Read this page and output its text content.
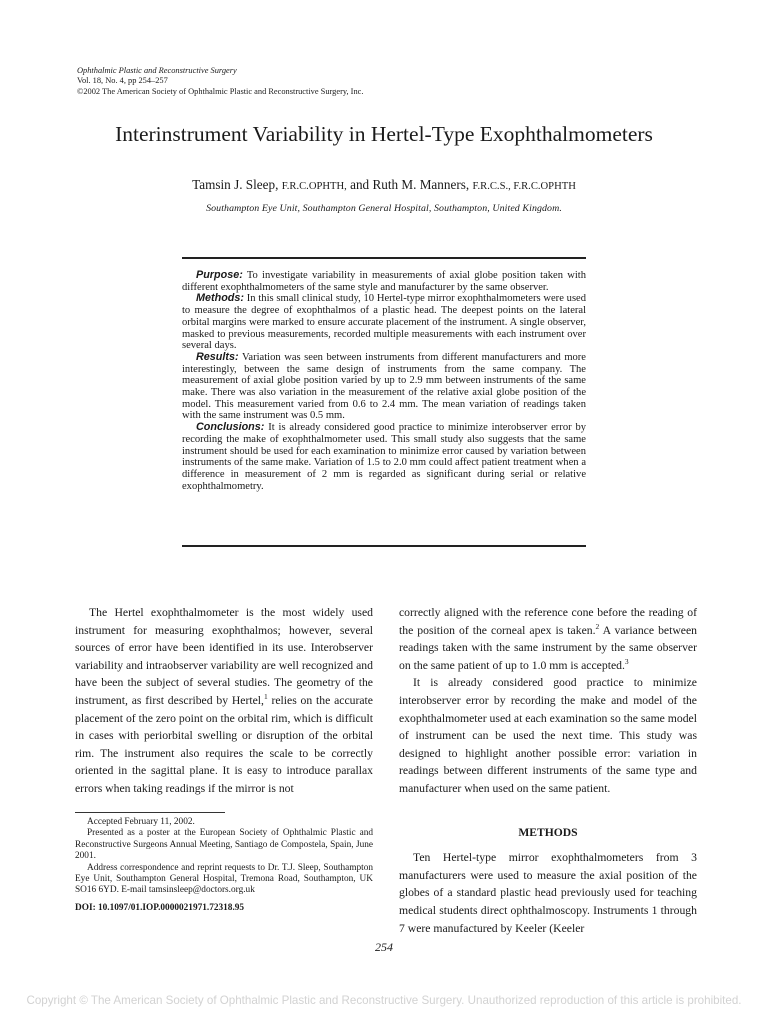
Ophthalmic Plastic and Reconstructive Surgery
Vol. 18, No. 4, pp 254–257
©2002 The American Society of Ophthalmic Plastic and Reconstructive Surgery, Inc.
Interinstrument Variability in Hertel-Type Exophthalmometers
Tamsin J. Sleep, F.R.C.OPHTH, and Ruth M. Manners, F.R.C.S., F.R.C.OPHTH
Southampton Eye Unit, Southampton General Hospital, Southampton, United Kingdom.

Purpose: To investigate variability in measurements of axial globe position taken with different exophthalmometers of the same style and manufacturer by the same observer.

Methods: In this small clinical study, 10 Hertel-type mirror exophthalmometers were used to measure the degree of exophthalmos of a plastic head. The deepest points on the lateral orbital margins were marked to ensure accurate placement of the instrument. A single observer, masked to previous measurements, recorded multiple measurements with each instrument over several days.

Results: Variation was seen between instruments from different manufacturers and more interestingly, between the same design of instruments from the same company. The measurement of axial globe position varied by up to 2.9 mm between instruments of the same make. There was also variation in the measurement of the relative axial globe position of the model. This measurement varied from 0.6 to 2.4 mm. The mean variation of readings taken with the same instrument was 0.5 mm.

Conclusions: It is already considered good practice to minimize interobserver error by recording the make of exophthalmometer used. This small study also suggests that the same instrument should be used for each examination to minimize error caused by variation between instruments of the same make. Variation of 1.5 to 2.0 mm could affect patient treatment when a difference in measurement of 2 mm is regarded as significant during serial or relative exophthalmometry.

The Hertel exophthalmometer is the most widely used instrument for measuring exophthalmos; however, several sources of error have been identified in its use. Interobserver variability and intraobserver variability are well recognized and have been the subject of several studies. The geometry of the instrument, as first described by Hertel,$^1$ relies on the accurate placement of the zero point on the orbital rim, which is difficult in cases with periorbital swelling or disruption of the orbital rim. The instrument also requires the scale to be correctly oriented in the sagittal plane. It is easy to introduce parallax errors when taking readings if the mirror is not

correctly aligned with the reference cone before the reading of the position of the corneal apex is taken.$^2$ A variance between readings taken with the same instrument by the same observer on the same patient of up to 1.0 mm is accepted.$^3$

It is already considered good practice to minimize interobserver error by recording the make and model of the exophthalmometer used at each examination so the same model of instrument can be used the next time. This study was designed to highlight another possible error: variation in readings between different instruments of the same type and manufacturer when used on the same patient.

METHODS

Ten Hertel-type mirror exophthalmometers from 3 manufacturers were used to measure the axial position of the globes of a standard plastic head previously used for teaching medical students direct ophthalmoscopy. Instruments 1 through 7 were manufactured by Keeler (Keeler

Accepted February 11, 2002.

Presented as a poster at the European Society of Ophthalmic Plastic and Reconstructive Surgeons Annual Meeting, Santiago de Compostela, Spain, June 2001.

Address correspondence and reprint requests to Dr. T.J. Sleep, Southampton Eye Unit, Southampton General Hospital, Tremona Road, Southampton, UK SO16 6YD. E-mail tamsinsleep@doctors.org.uk

DOI: 10.1097/01.IOP.0000021971.72318.95

254
Copyright © The American Society of Ophthalmic Plastic and Reconstructive Surgery. Unauthorized reproduction of this article is prohibited.
